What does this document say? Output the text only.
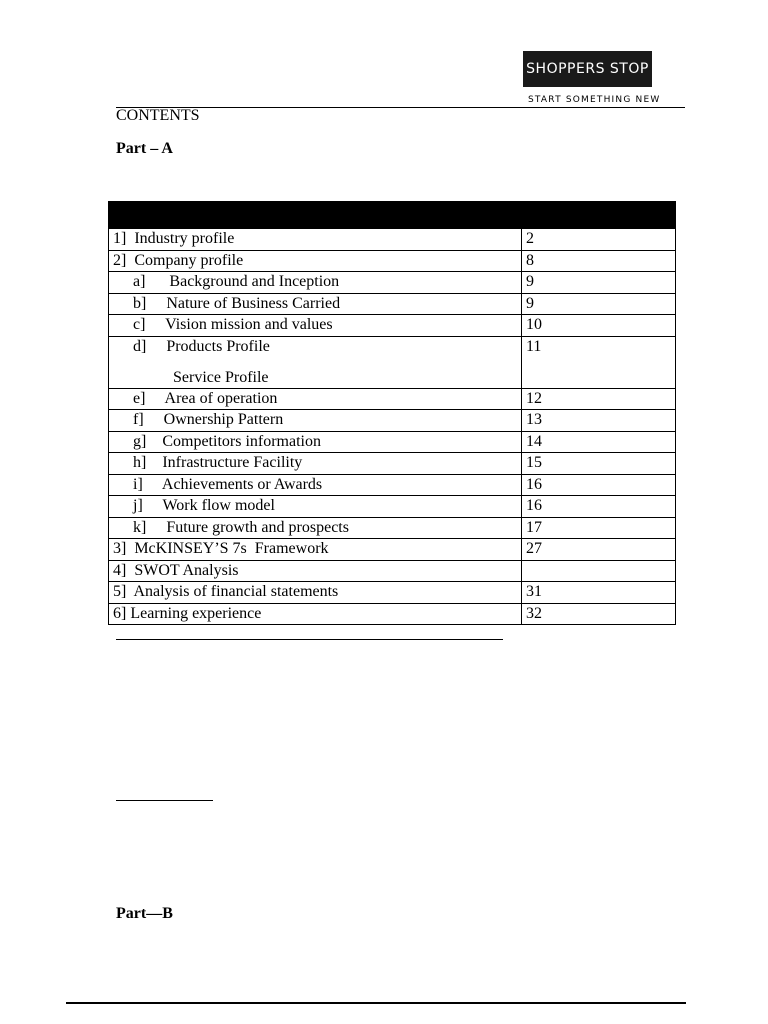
SHOPPERS STOP
START SOMETHING NEW
CONTENTS
Part – A

1]  Industry profile	2

2]  Company profile	8

a]      Background and Inception	9

b]     Nature of Business Carried	9

c]     Vision mission and values	10

d]     Products Profile
Service Profile	11

e]     Area of operation	12

f]     Ownership Pattern	13

g]    Competitors information	14

h]    Infrastructure Facility	15

i]     Achievements or Awards	16

j]     Work flow model	16

k]     Future growth and prospects	17

3]  McKINSEY’S 7s  Framework	27

4]  SWOT Analysis	

5]  Analysis of financial statements	31

6] Learning experience	32
Part—B
